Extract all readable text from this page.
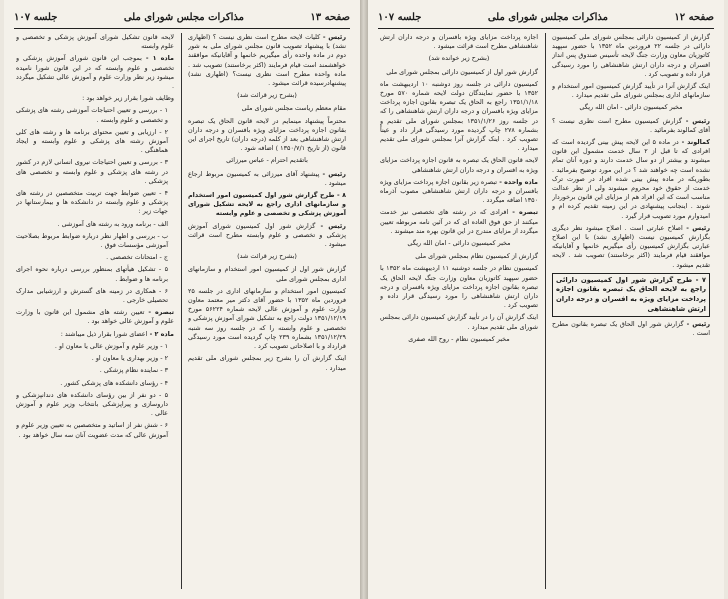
صفحه ۱۳
مذاکرات مجلس شورای ملی
جلسه ۱۰۷

رئیس - کلیات لایحه مطرح است نظری نیست ؟ (اظهاری نشد) با پیشنهاد تصویب قانون مجلس شورای ملی به شور دوم در ماده واحده رأی میگیریم خانمها و آقایانیکه موافقند خواهشمند است قیام فرمایند (اکثر برخاستند) تصویب شد . ماده واحده مطرح است نظری نیست؟ (اظهاری نشد) پیشنهادرسیده قرائت میشود .

(بشرح زیر قرائت شد)

مقام معظم ریاست مجلس شورای ملی

محترماً پیشنهاد مینمایم در لایحه قانون الحاق یک تبصره بقانون اجازه پرداخت مزایای ویژه بافسران و درجه داران ارتش شاهنشاهی بعد از کلمه (درجه داران) تاریخ اجرای این قانون (از تاریخ ۱۳۵۰/۷/۱ ) اضافه شود .

باتقدیم احترام - عباس میرزائی

رئیس - پیشنهاد آقای میرزائی به کمیسیون مربوط ارجاع میشود .

۸ - طرح گزارش شور اول کمیسیون امور استخدام و سازمانهای اداری راجع به لایحه تشکیل شورای آموزش پزشکی و تخصصی و علوم وابسته

رئیس - گزارش شور اول کمیسیون شورای آموزش پزشکی و تخصصی و علوم وابسته مطرح است قرائت میشود .

(بشرح زیر قرائت شد)

گزارش شور اول از کمیسیون امور استخدام و سازمانهای اداری بمجلس شورای ملی

کمیسیون امور استخدام و سازمانهای اداری در جلسه ۲۵ فروردین ماه ۱۳۵۲ با حضور آقای دکتر میر معتمد معاون وزارت علوم و آموزش عالی لایحه شماره ۵۶۲۲۴ مورخ ۱۳۵۱/۱۲/۱۹ دولت راجع به تشکیل شورای آموزش پزشکی و تخصصی و علوم وابسته را که در جلسه روز سه شنبه ۱۳۵۱/۱۲/۲۹ بشماره ۲۳۹ چاپ گردیده است مورد رسیدگی قرارداد و با اصلاحاتی تصویب کرد .

اینک گزارش آن را بشرح زیر بمجلس شورای ملی تقدیم میدارد .

لایحه قانون تشکیل شورای آموزش پزشکی و تخصصی و علوم وابسته

ماده ۱ - بموجب این قانون شورای آموزش پزشکی و تخصصی و علوم وابسته که در این قانون شورا نامیده میشود زیر نظر وزارت علوم و آموزش عالی تشکیل میگردد .

وظایف شورا بقرار زیر خواهد بود :

۱ - بررسی و تعیین احتیاجات آموزشی رشته های پزشکی و تخصصی و علوم وابسته .

۲ - ارزیابی و تعیین محتوای برنامه ها و رشته های کلی آموزش رشته های پزشکی و علوم وابسته و ایجاد هماهنگی .

۳ - بررسی و تعیین احتیاجات نیروی انسانی لازم در کشور در رشته های پزشکی و علوم وابسته و تخصصی های پزشکی .

۴ - تعیین ضوابط جهت تربیت متخصصین در رشته های پزشکی و علوم وابسته در دانشکده ها و بیمارستانها در جهات زیر :

الف - برنامه ورود به رشته های آموزشی .

ب - بررسی و اظهار نظر درباره ضوابط مربوط بصلاحیت آموزشی مؤسسات فوق .

ج - امتحانات تخصصی .

۵ - تشکیل هیأتهای بمنظور بررسی درباره نحوه اجرای برنامه ها و ضوابط .

۶ - همکاری در زمینه های گسترش و ارزشیابی مدارک تحصیلی خارجی .

تبصره - تعیین رشته های مشمول این قانون با وزارت علوم و آموزش عالی خواهد بود .

ماده ۲ - اعضای شورا بقرار ذیل میباشند :

۱ - وزیر علوم و آموزش عالی یا معاون او .

۲ - وزیر بهداری یا معاون او .

۳ - نماینده نظام پزشکی .

۴ - رؤسای دانشکده های پزشکی کشور .

۵ - دو نفر از بین رؤسای دانشکده های دندانپزشکی و داروسازی و پیراپزشکی بانتخاب وزیر علوم و آموزش عالی .

۶ - شش نفر از اساتید و متخصصین به تعیین وزیر علوم و آموزش عالی که مدت عضویت آنان سه سال خواهد بود .

صفحه ۱۲
مذاکرات مجلس شورای ملی
جلسه ۱۰۷

گزارش از کمیسیون دارائی بمجلس شورای ملی کمیسیون دارائی در جلسه ۲۲ فروردین ماه ۱۳۵۲ با حضور سپهبد کاتوزیان معاون وزارت جنگ لایحه تأسیس صندوق پس انداز افسران و درجه داران ارتش شاهنشاهی را مورد رسیدگی قرار داده و تصویب کرد .

اینک گزارش آنرا در تأیید گزارش کمیسیون امور استخدام و سازمانهای اداری بمجلس شورای ملی تقدیم میدارد .

مخبر کمیسیون دارائی - امان الله ریگی

رئیس - گزارش کمیسیون مطرح است نظری نیست ؟ آقای کمالوند بفرمائید .

کمالوند - در ماده ۵ این لایحه پیش بینی گردیده است که افرادی که تا قبل از ۲ سال خدمت مشمول این قانون میشوند و بیشتر از دو سال خدمت دارند و دوره آنان تمام نشده است چه خواهند شد ؟ در این مورد توضیح بفرمائید . بطوریکه در ماده پیش بینی شده افراد در صورت ترک خدمت از حقوق خود محروم میشوند ولی از نظر عدالت مناسب است که این افراد هم از مزایای این قانون برخوردار شوند . اینجانب پیشنهادی در این زمینه تقدیم کرده ام و امیدوارم مورد تصویب قرار گیرد .

رئیس - اصلاح عبارتی است . اصلاح میشود نظر دیگری بگزارش کمیسیون نیست (اظهاری نشد) با این اصلاح عبارتی بگزارش کمیسیون رأی میگیریم خانمها و آقایانیکه موافقند قیام فرمایند (اکثر برخاستند) تصویب شد . لایحه تقدیم میشود .

۷ - طرح گزارش شور اول کمیسیون دارائی راجع به لایحه الحاق یک تبصره بقانون اجازه پرداخت مزایای ویژه به افسران و درجه داران ارتش شاهنشاهی

رئیس - گزارش شور اول الحاق یک تبصره بقانون مطرح است .

اجازه پرداخت مزایای ویژه بافسران و درجه داران ارتش شاهنشاهی مطرح است قرائت میشود .

(بشرح زیر خوانده شد)

گزارش شور اول از کمیسیون دارائی بمجلس شورای ملی

کمیسیون دارائی در جلسه روز دوشنبه ۱۰ اردیبهشت ماه ۱۳۵۲ با حضور نمایندگان دولت لایحه شماره ۵۷۰ مورخ ۱۳۵۱/۱/۱۸ راجع به الحاق یک تبصره بقانون اجازه پرداخت مزایای ویژه بافسران و درجه داران ارتش شاهنشاهی را که در جلسه روز ۱۳۵۱/۱/۲۶ بمجلس شورای ملی تقدیم و بشماره ۲۷۸ چاپ گردیده مورد رسیدگی قرار داد و عیناً تصویب کرد . اینک گزارش آنرا بمجلس شورای ملی تقدیم میدارد .

لایحه قانون الحاق یک تبصره به قانون اجازه پرداخت مزایای ویژه به افسران و درجه داران ارتش شاهنشاهی

ماده واحده - تبصره زیر بقانون اجازه پرداخت مزایای ویژه بافسران و درجه داران ارتش شاهنشاهی مصوب آذرماه ۱۳۵۰ اضافه میگردد .

تبصره - افرادی که در رشته های تخصصی نیز خدمت میکنند از حق فوق العاده ای که در آئین نامه مربوطه تعیین میگردد از مزایای مندرج در این قانون بهره مند میشوند .

مخبر کمیسیون دارائی - امان الله ریگی

گزارش از کمیسیون نظام بمجلس شورای ملی

کمیسیون نظام در جلسه دوشنبه ۱۱ اردیبهشت ماه ۱۳۵۲ با حضور سپهبد کاتوزیان معاون وزارت جنگ لایحه الحاق یک تبصره بقانون اجازه پرداخت مزایای ویژه بافسران و درجه داران ارتش شاهنشاهی را مورد رسیدگی قرار داده و تصویب کرد .

اینک گزارش آن را در تأیید گزارش کمیسیون دارائی بمجلس شورای ملی تقدیم میدارد .

مخبر کمیسیون نظام - روح الله صفری
